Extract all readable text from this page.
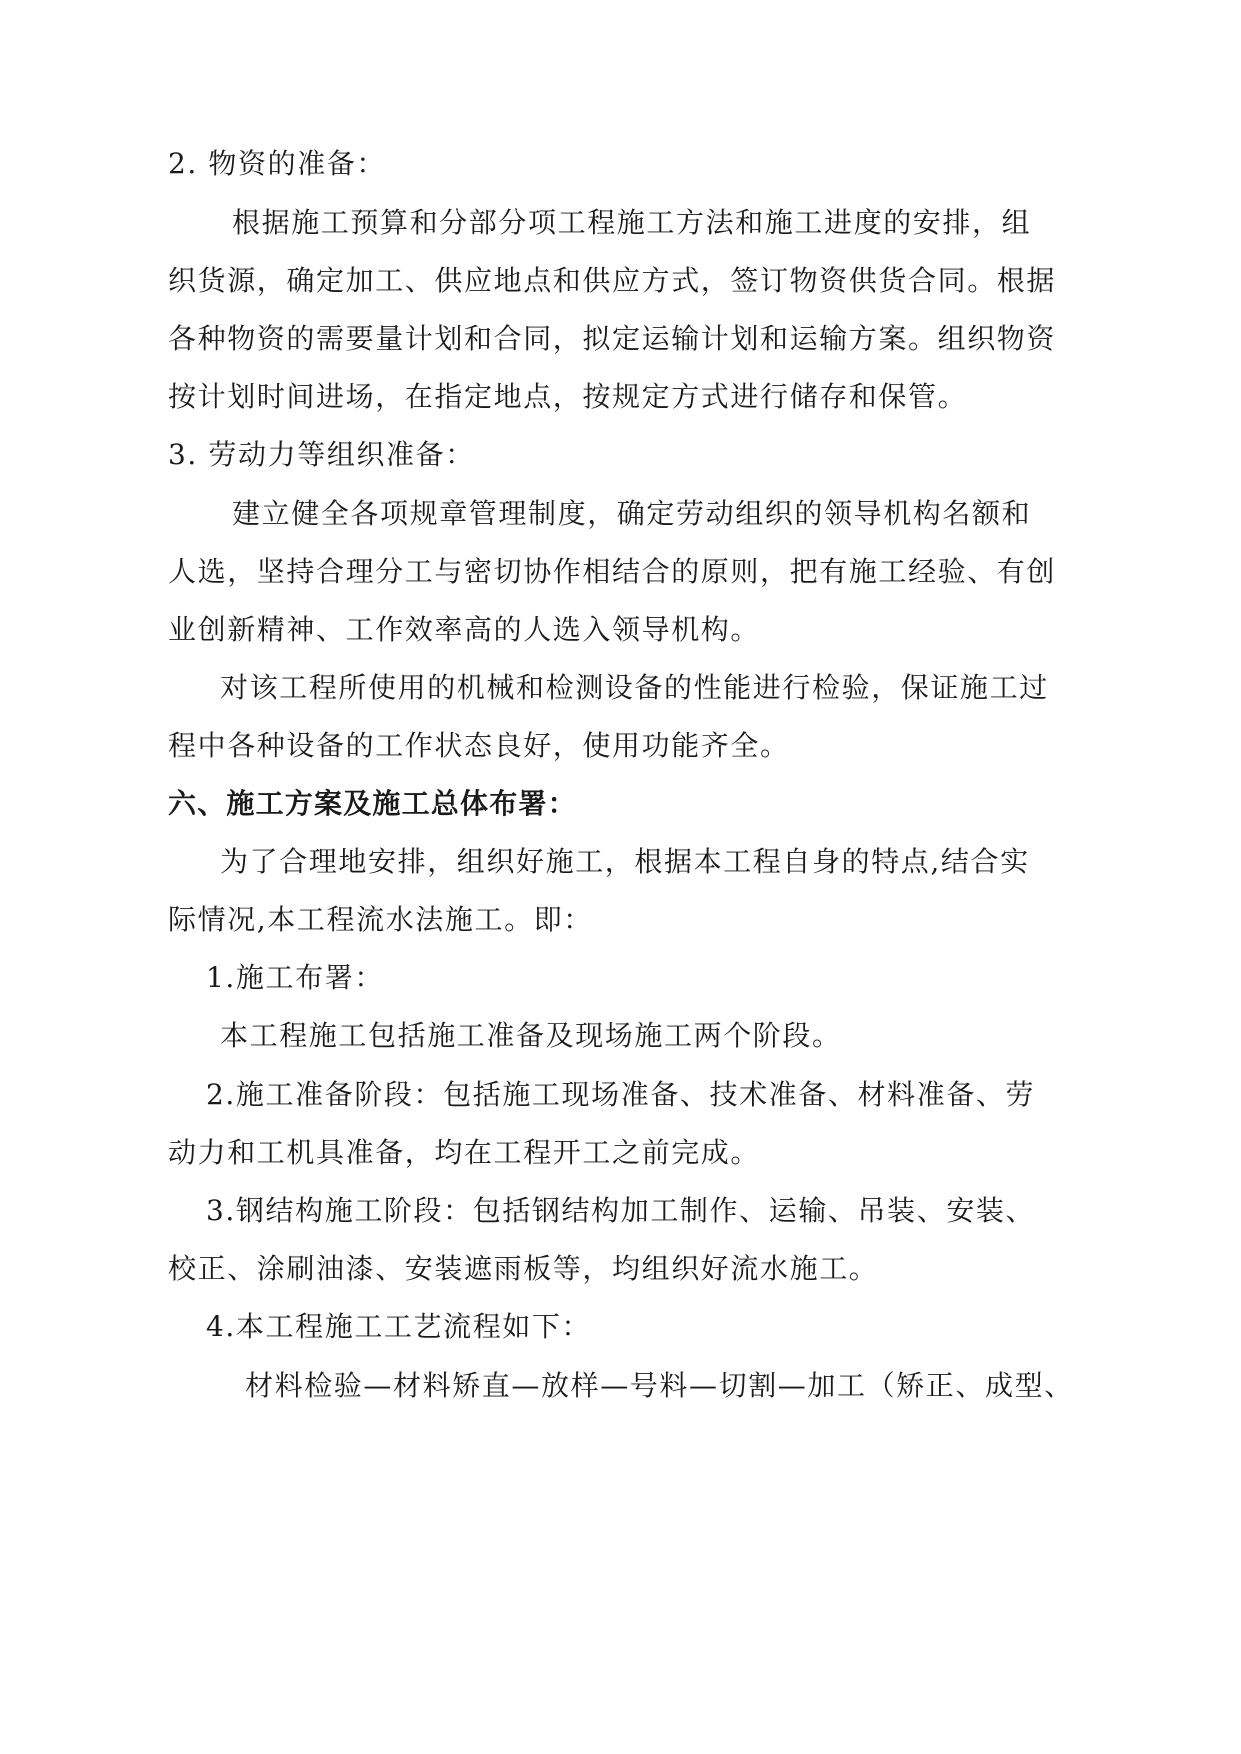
2. 物资的准备：
根据施工预算和分部分项工程施工方法和施工进度的安排，组
织货源，确定加工、供应地点和供应方式，签订物资供货合同。根据
各种物资的需要量计划和合同，拟定运输计划和运输方案。组织物资
按计划时间进场，在指定地点，按规定方式进行储存和保管。
3. 劳动力等组织准备：
建立健全各项规章管理制度，确定劳动组织的领导机构名额和
人选，坚持合理分工与密切协作相结合的原则，把有施工经验、有创
业创新精神、工作效率高的人选入领导机构。
对该工程所使用的机械和检测设备的性能进行检验，保证施工过
程中各种设备的工作状态良好，使用功能齐全。
六、施工方案及施工总体布署：
为了合理地安排，组织好施工，根据本工程自身的特点,结合实
际情况,本工程流水法施工。即：
1.施工布署：
本工程施工包括施工准备及现场施工两个阶段。
2.施工准备阶段：包括施工现场准备、技术准备、材料准备、劳
动力和工机具准备，均在工程开工之前完成。
3.钢结构施工阶段：包括钢结构加工制作、运输、吊装、安装、
校正、涂刷油漆、安装遮雨板等，均组织好流水施工。
4.本工程施工工艺流程如下：
材料检验—材料矫直—放样—号料—切割—加工（矫正、成型、
